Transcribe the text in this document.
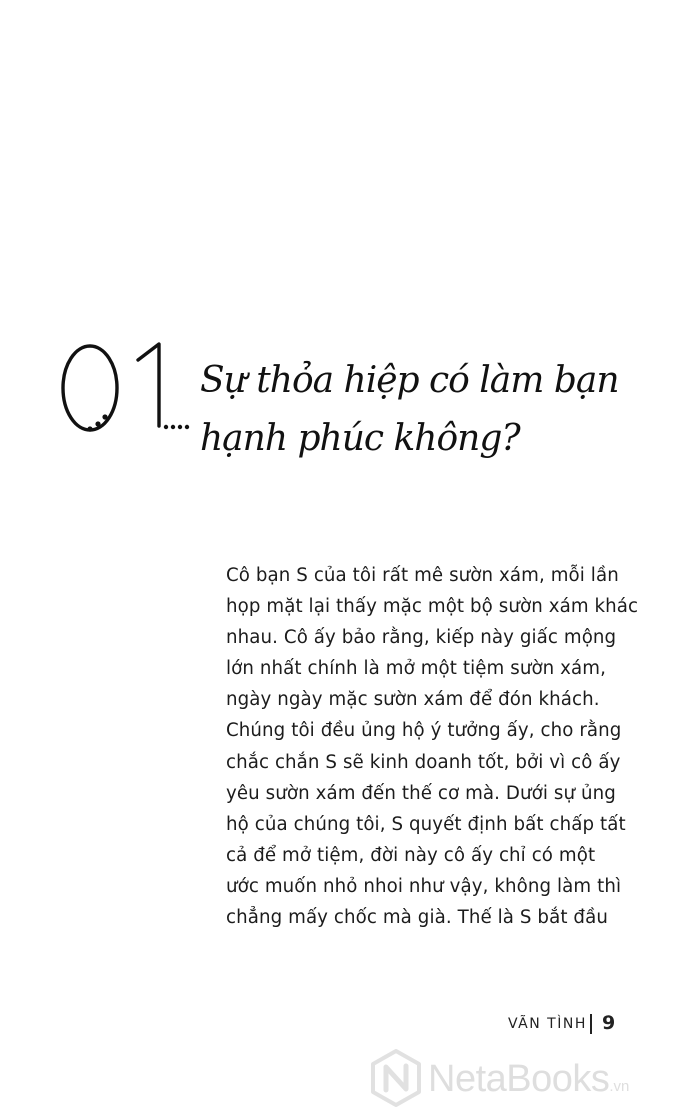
Sự thỏa hiệp có làm bạn
hạnh phúc không?
Cô bạn S của tôi rất mê sườn xám, mỗi lần
họp mặt lại thấy mặc một bộ sườn xám khác
nhau. Cô ấy bảo rằng, kiếp này giấc mộng
lớn nhất chính là mở một tiệm sườn xám,
ngày ngày mặc sườn xám để đón khách.
Chúng tôi đều ủng hộ ý tưởng ấy, cho rằng
chắc chắn S sẽ kinh doanh tốt, bởi vì cô ấy
yêu sườn xám đến thế cơ mà. Dưới sự ủng
hộ của chúng tôi, S quyết định bất chấp tất
cả để mở tiệm, đời này cô ấy chỉ có một
ước muốn nhỏ nhoi như vậy, không làm thì
chẳng mấy chốc mà già. Thế là S bắt đầu
VÃN TÌNH 9
NetaBooks.vn
